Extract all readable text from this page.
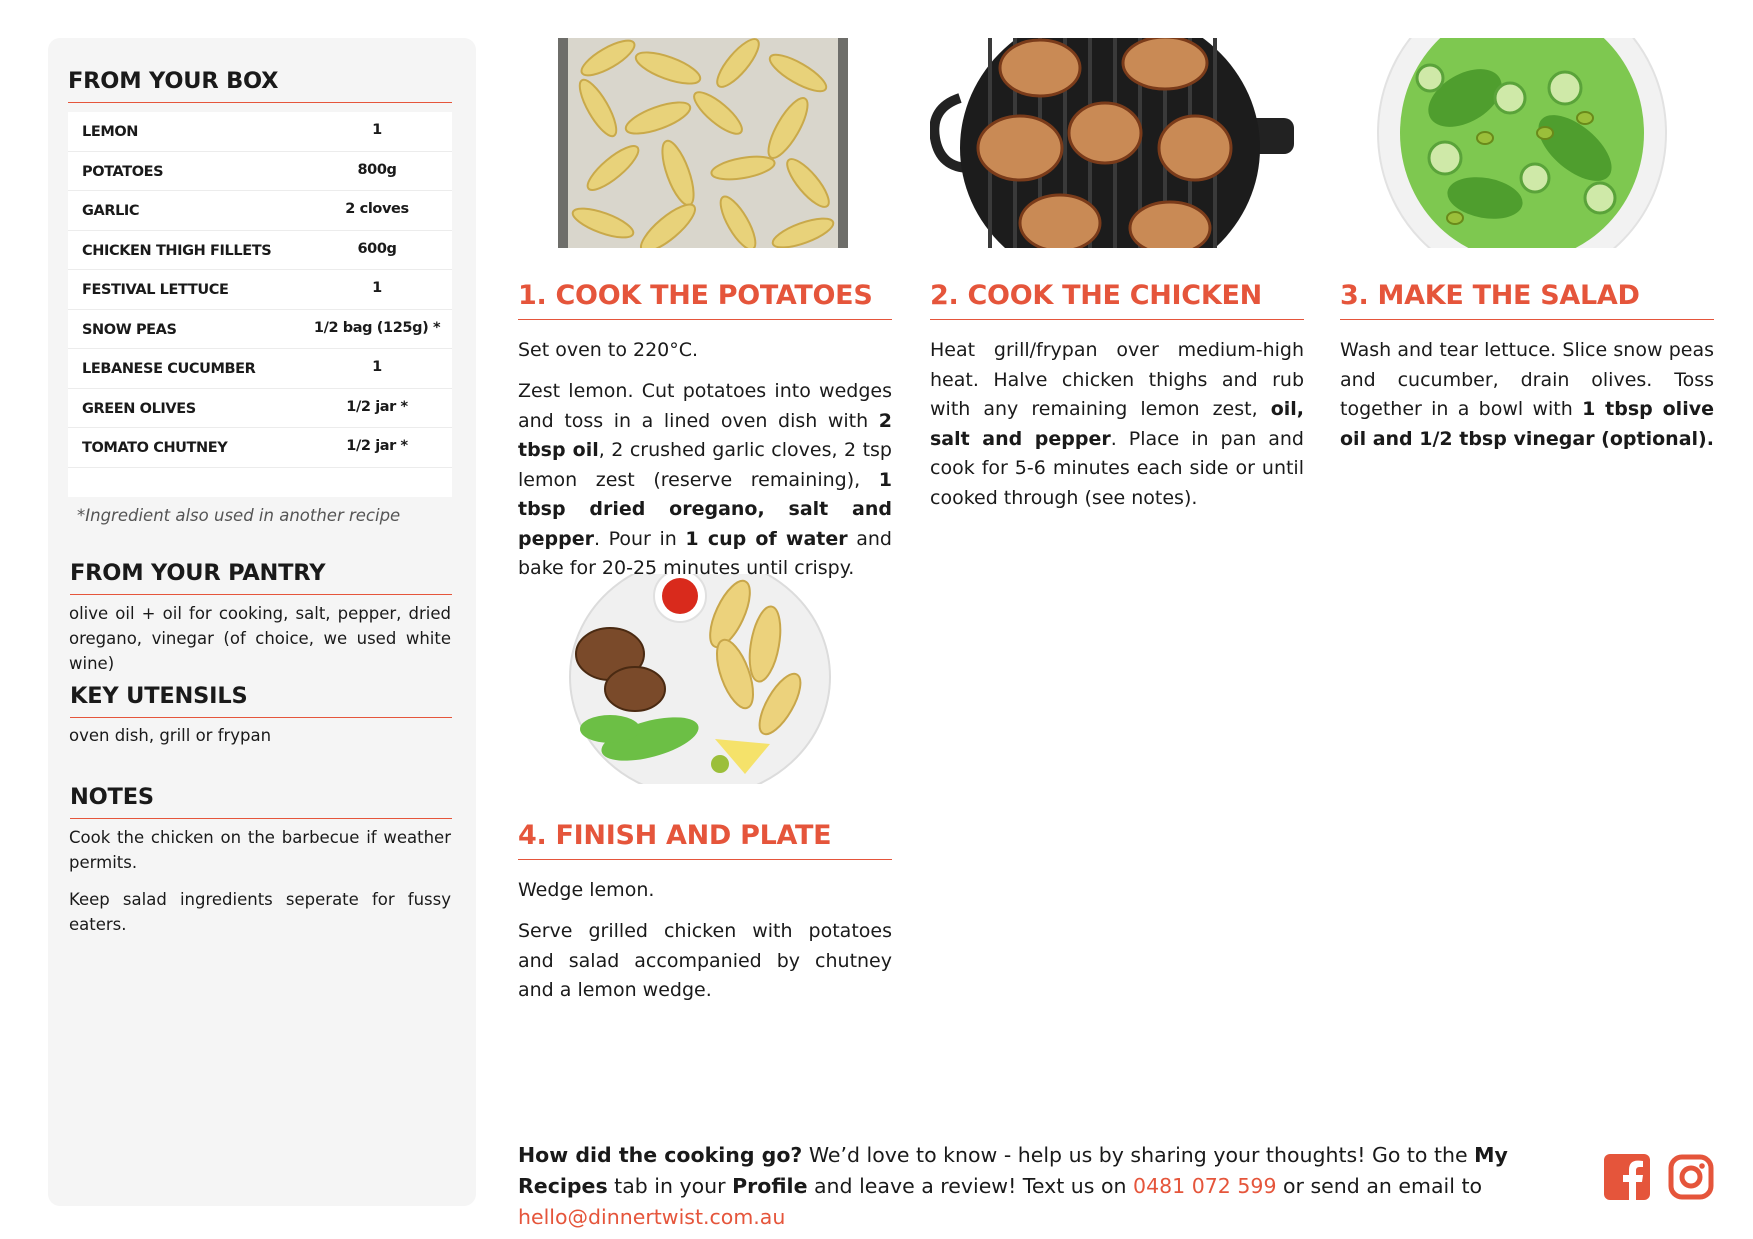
FROM YOUR BOX
LEMON	1
POTATOES	800g
GARLIC	2 cloves
CHICKEN THIGH FILLETS	600g
FESTIVAL LETTUCE	1
SNOW PEAS	1/2 bag (125g) *
LEBANESE CUCUMBER	1
GREEN OLIVES	1/2 jar *
TOMATO CHUTNEY	1/2 jar *
*Ingredient also used in another recipe
FROM YOUR PANTRY

olive oil + oil for cooking, salt, pepper, dried oregano, vinegar (of choice, we used white wine)

KEY UTENSILS

oven dish, grill or frypan

NOTES

Cook the chicken on the barbecue if weather permits.

Keep salad ingredients seperate for fussy eaters.

1. COOK THE POTATOES

Set oven to 220°C.

Zest lemon. Cut potatoes into wedges and toss in a lined oven dish with 2 tbsp oil, 2 crushed garlic cloves, 2 tsp lemon zest (reserve remaining), 1 tbsp dried oregano, salt and pepper. Pour in 1 cup of water and bake for 20-25 minutes until crispy.

2. COOK THE CHICKEN

Heat grill/frypan over medium-high heat. Halve chicken thighs and rub with any remaining lemon zest, oil, salt and pepper. Place in pan and cook for 5-6 minutes each side or until cooked through (see notes).

3. MAKE THE SALAD

Wash and tear lettuce. Slice snow peas and cucumber, drain olives. Toss together in a bowl with 1 tbsp olive oil and 1/2 tbsp vinegar (optional).

4. FINISH AND PLATE

Wedge lemon.

Serve grilled chicken with potatoes and salad accompanied by chutney and a lemon wedge.

How did the cooking go? We’d love to know - help us by sharing your thoughts! Go to the My Recipes tab in your Profile and leave a review! Text us on 0481 072 599 or send an email to hello@dinnertwist.com.au
